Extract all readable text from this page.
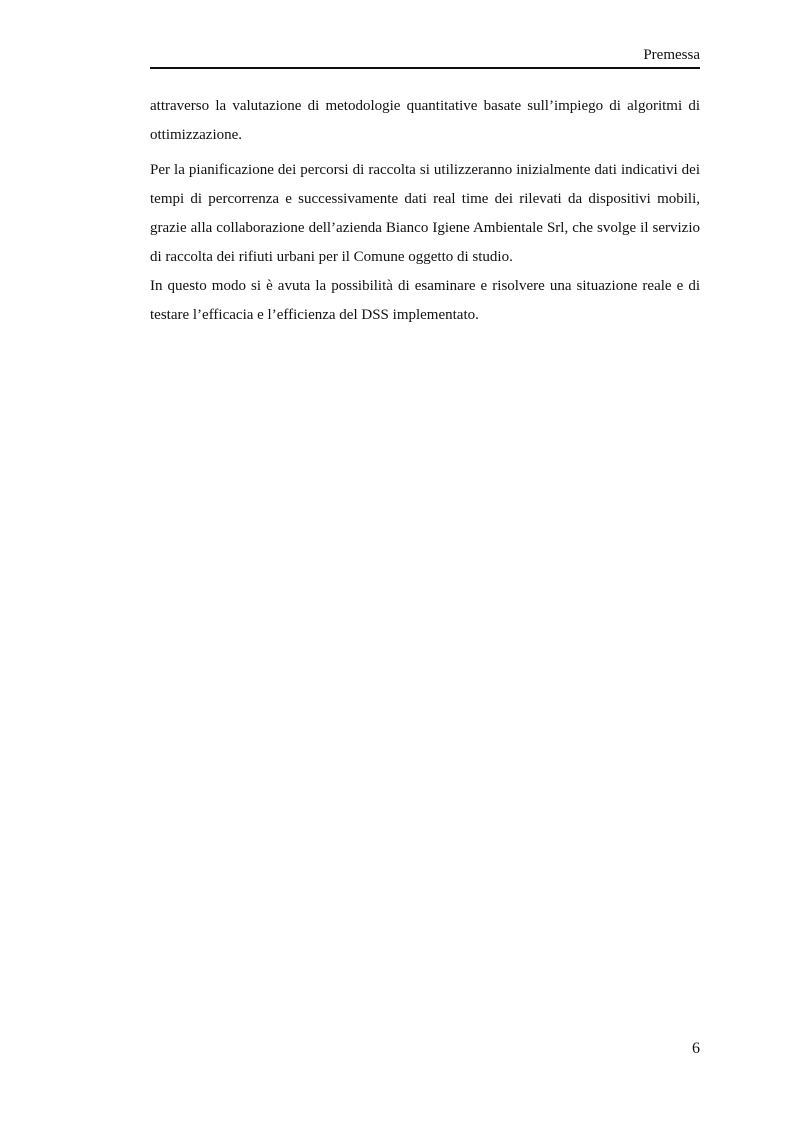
Premessa

attraverso la valutazione di metodologie quantitative basate sull’impiego di algoritmi di ottimizzazione.

Per la pianificazione dei percorsi di raccolta si utilizzeranno inizialmente dati indicativi dei tempi di percorrenza e successivamente dati real time dei rilevati da dispositivi mobili, grazie alla collaborazione dell’azienda Bianco Igiene Ambientale Srl, che svolge il servizio di raccolta dei rifiuti urbani per il Comune oggetto di studio.

In questo modo si è avuta la possibilità di esaminare e risolvere una situazione reale e di testare l’efficacia e l’efficienza del DSS implementato.

6
